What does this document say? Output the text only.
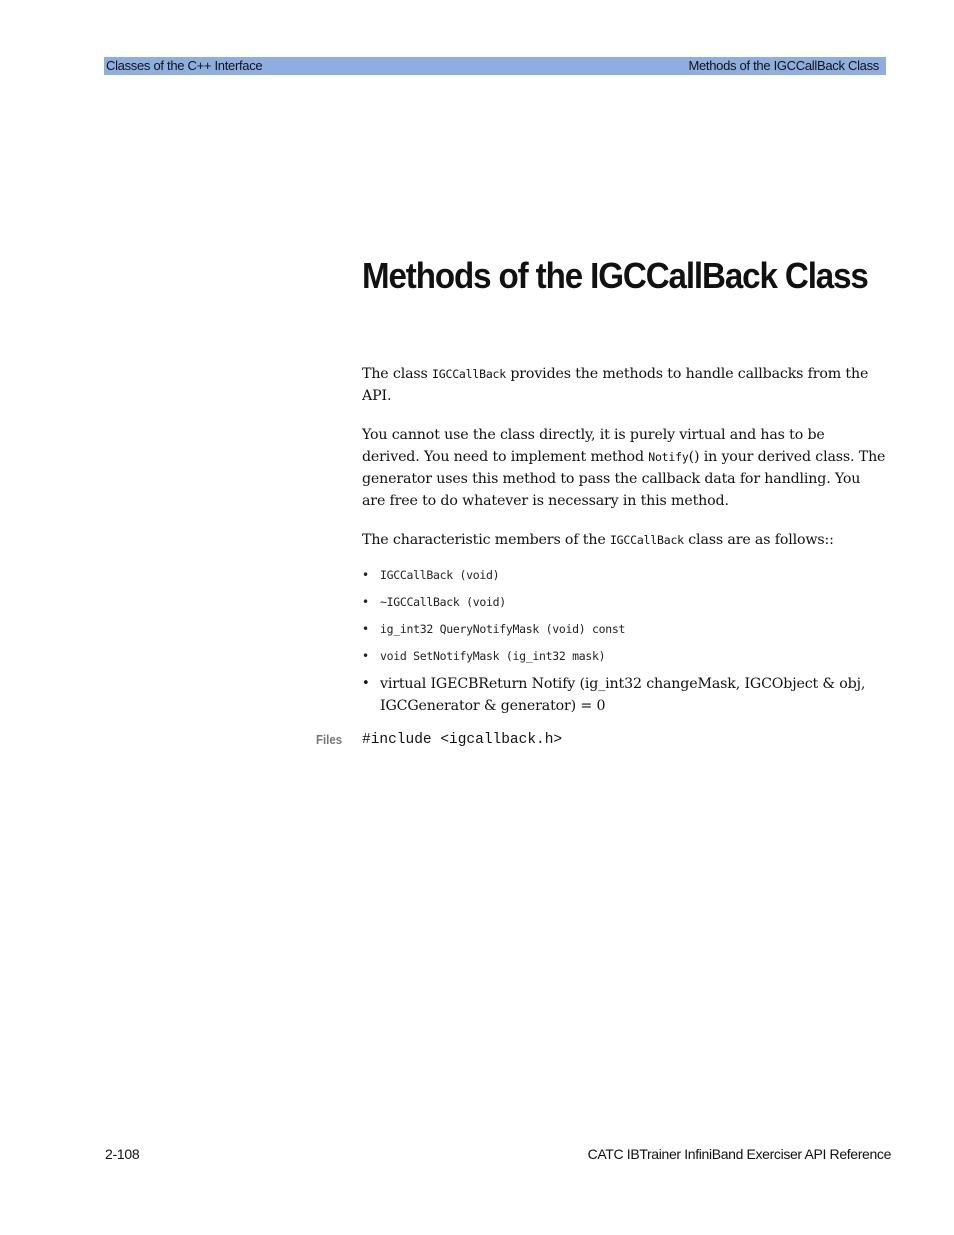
Classes of the C++ Interface	Methods of the IGCCallBack Class
Methods of the IGCCallBack Class

The class IGCCallBack provides the methods to handle callbacks from the API.

You cannot use the class directly, it is purely virtual and has to be derived. You need to implement method Notify() in your derived class. The generator uses this method to pass the callback data for handling. You are free to do whatever is necessary in this method.

The characteristic members of the IGCCallBack class are as follows::

• IGCCallBack (void)
• ~IGCCallBack (void)
• ig_int32 QueryNotifyMask (void) const
• void SetNotifyMask (ig_int32 mask)
• virtual IGECBReturn Notify (ig_int32 changeMask, IGCObject & obj, IGCGenerator & generator) = 0
Files #include <igcallback.h>
2-108	CATC IBTrainer InfiniBand Exerciser API Reference
